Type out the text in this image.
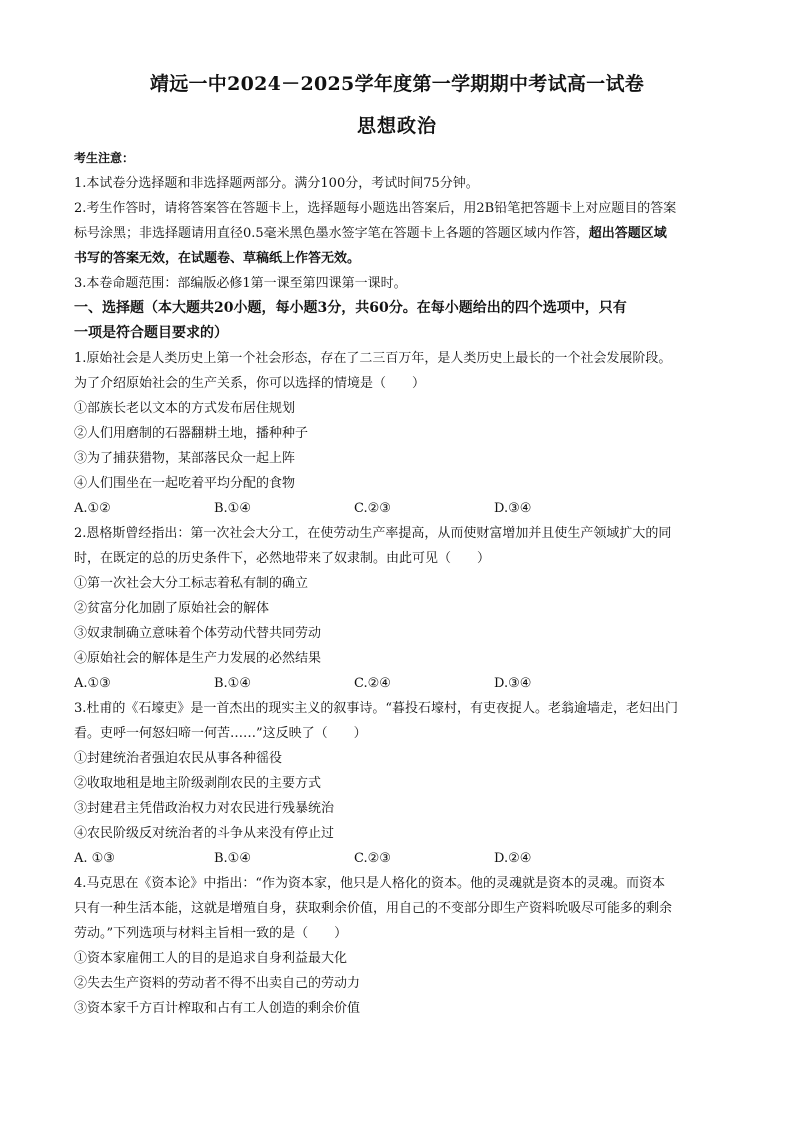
靖远一中2024－2025学年度第一学期期中考试高一试卷
思想政治
考生注意：
1.本试卷分选择题和非选择题两部分。满分100分，考试时间75分钟。
2.考生作答时，请将答案答在答题卡上，选择题每小题选出答案后，用2B铅笔把答题卡上对应题目的答案
标号涂黑；非选择题请用直径0.5毫米黑色墨水签字笔在答题卡上各题的答题区域内作答，超出答题区域
书写的答案无效，在试题卷、草稿纸上作答无效。
3.本卷命题范围：部编版必修1第一课至第四课第一课时。
一、选择题（本大题共20小题，每小题3分，共60分。在每小题给出的四个选项中，只有
一项是符合题目要求的）
1.原始社会是人类历史上第一个社会形态，存在了二三百万年，是人类历史上最长的一个社会发展阶段。
为了介绍原始社会的生产关系，你可以选择的情境是（　　）
①部族长老以文本的方式发布居住规划
②人们用磨制的石器翻耕土地，播种种子
③为了捕获猎物，某部落民众一起上阵
④人们围坐在一起吃着平均分配的食物
A.①②	B.①④	C.②③	D.③④
2.恩格斯曾经指出：第一次社会大分工，在使劳动生产率提高，从而使财富增加并且使生产领域扩大的同
时，在既定的总的历史条件下，必然地带来了奴隶制。由此可见（　　）
①第一次社会大分工标志着私有制的确立
②贫富分化加剧了原始社会的解体
③奴隶制确立意味着个体劳动代替共同劳动
④原始社会的解体是生产力发展的必然结果
A.①③	B.①④	C.②④	D.③④
3.杜甫的《石壕吏》是一首杰出的现实主义的叙事诗。“暮投石壕村，有吏夜捉人。老翁逾墙走，老妇出门
看。吏呼一何怒妇啼一何苦……”这反映了（　　）
①封建统治者强迫农民从事各种徭役
②收取地租是地主阶级剥削农民的主要方式
③封建君主凭借政治权力对农民进行残暴统治
④农民阶级反对统治者的斗争从来没有停止过
A. ①③	B.①④	C.②③	D.②④
4.马克思在《资本论》中指出：“作为资本家，他只是人格化的资本。他的灵魂就是资本的灵魂。而资本
只有一种生活本能，这就是增殖自身，获取剩余价值，用自己的不变部分即生产资料吮吸尽可能多的剩余
劳动。”下列选项与材料主旨相一致的是（　　）
①资本家雇佣工人的目的是追求自身利益最大化
②失去生产资料的劳动者不得不出卖自己的劳动力
③资本家千方百计榨取和占有工人创造的剩余价值
